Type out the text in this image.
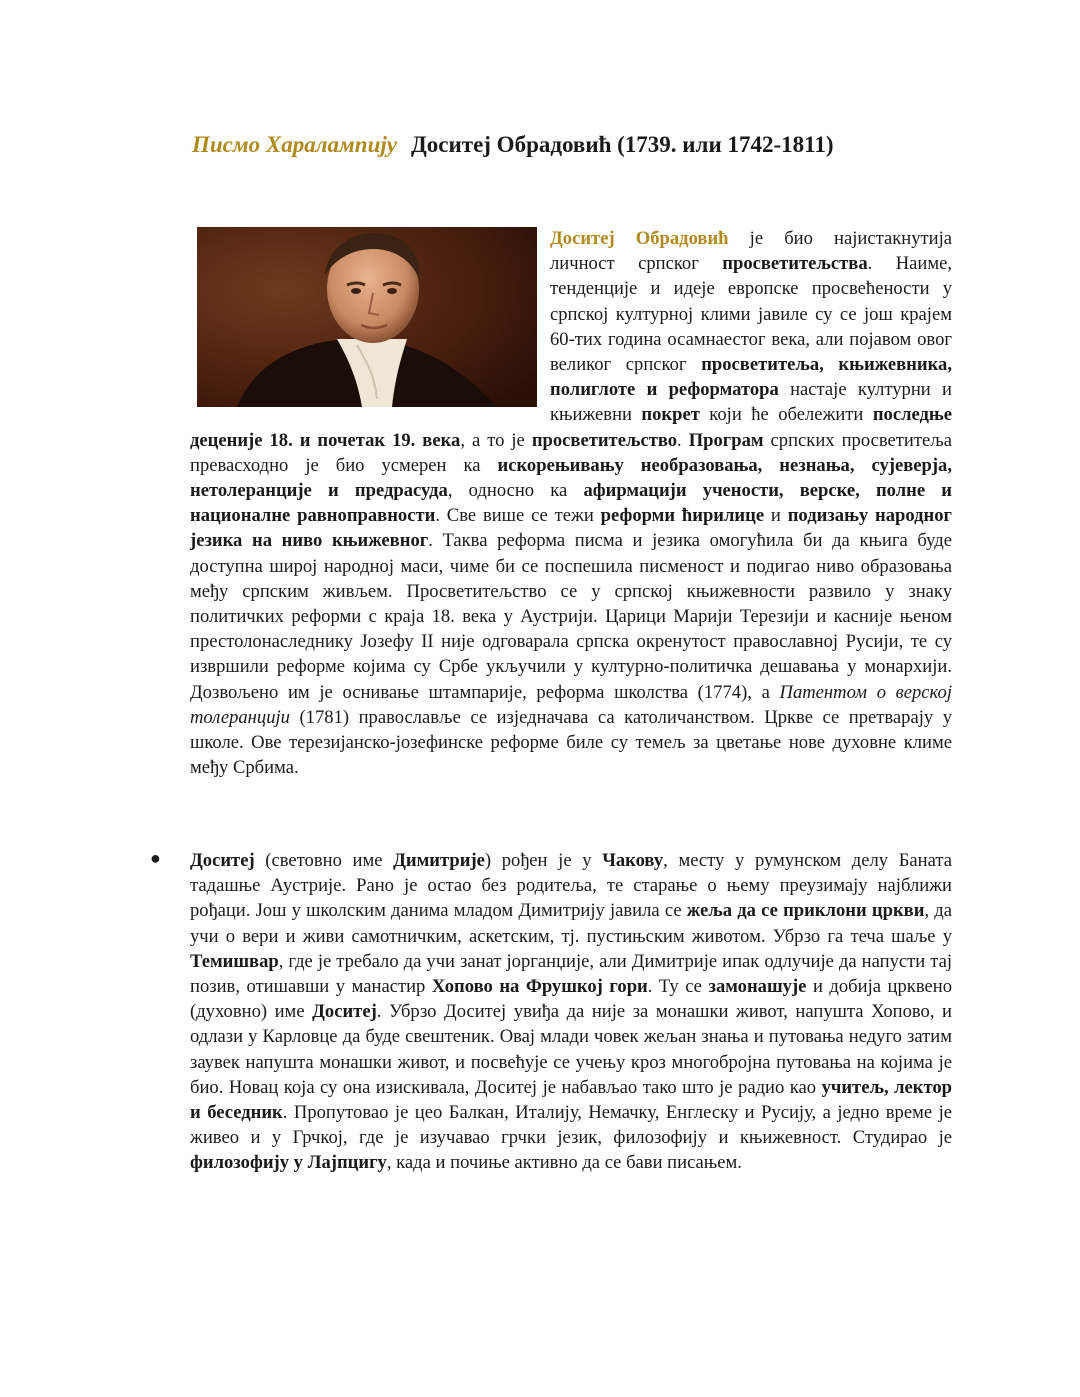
Писмо Харалампију Доситеј Обрадовић (1739. или 1742-1811)
Доситеј Обрадовић је био најистакнутија личност српског просветитељства. Наиме, тенденције и идеје европске просвећености у српској културној клими јавиле су се још крајем 60-тих година осамнаестог века, али појавом овог великог српског просветитеља, књижевника, полиглоте и реформатора настаје културни и књижевни покрет који ће обележити последње деценије 18. и почетак 19. века, а то је просветитељство. Програм српских просветитеља превасходно је био усмерен ка искорењивању необразовања, незнања, сујеверја, нетолеранције и предрасуда, односно ка афирмацији учености, верске, полне и националне равноправности. Све више се тежи реформи ћирилице и подизању народног језика на ниво књижевног. Таква реформа писма и језика омогућила би да књига буде доступна широј народној маси, чиме би се поспешила писменост и подигао ниво образовања међу српским живљем. Просветитељство се у српској књижевности развило у знаку политичких реформи с краја 18. века у Аустрији. Царици Марији Терезији и касније њеном престолонаследнику Јозефу II није одговарала српска окренутост православној Русији, те су извршили реформе којима су Србе укључили у културно-политичка дешавања у монархији. Дозвољено им је оснивање штампарије, реформа школства (1774), а Патентом о верској толеранцији (1781) православље се изједначава са католичанством. Цркве се претварају у школе. Ове терезијанско-јозефинске реформе биле су темељ за цветање нове духовне климе међу Србима.
● Доситеј (световно име Димитрије) рођен је у Чакову, месту у румунском делу Баната тадашње Аустрије. Рано је остао без родитеља, те старање о њему преузимају најближи рођаци. Још у школским данима младом Димитрију јавила се жеља да се приклони цркви, да учи о вери и живи самотничким, аскетским, тј. пустињским животом. Убрзо га теча шаље у Темишвар, где је требало да учи занат јорганџије, али Димитрије ипак одлучије да напусти тај позив, отишавши у манастир Хопово на Фрушкој гори. Ту се замонашује и добија црквено (духовно) име Доситеј. Убрзо Доситеј увиђа да није за монашки живот, напушта Хопово, и одлази у Карловце да буде свештеник. Овај млади човек жељан знања и путовања недуго затим заувек напушта монашки живот, и посвећује се учењу кроз многобројна путовања на којима је био. Новац која су она изискивала, Доситеј је набављао тако што је радио као учитељ, лектор и беседник. Пропутовао је цео Балкан, Италију, Немачку, Енглеску и Русију, а једно време је живео и у Грчкој, где је изучавао грчки језик, филозофију и књижевност. Студирао је филозофију у Лајпцигу, када и почиње активно да се бави писањем.
